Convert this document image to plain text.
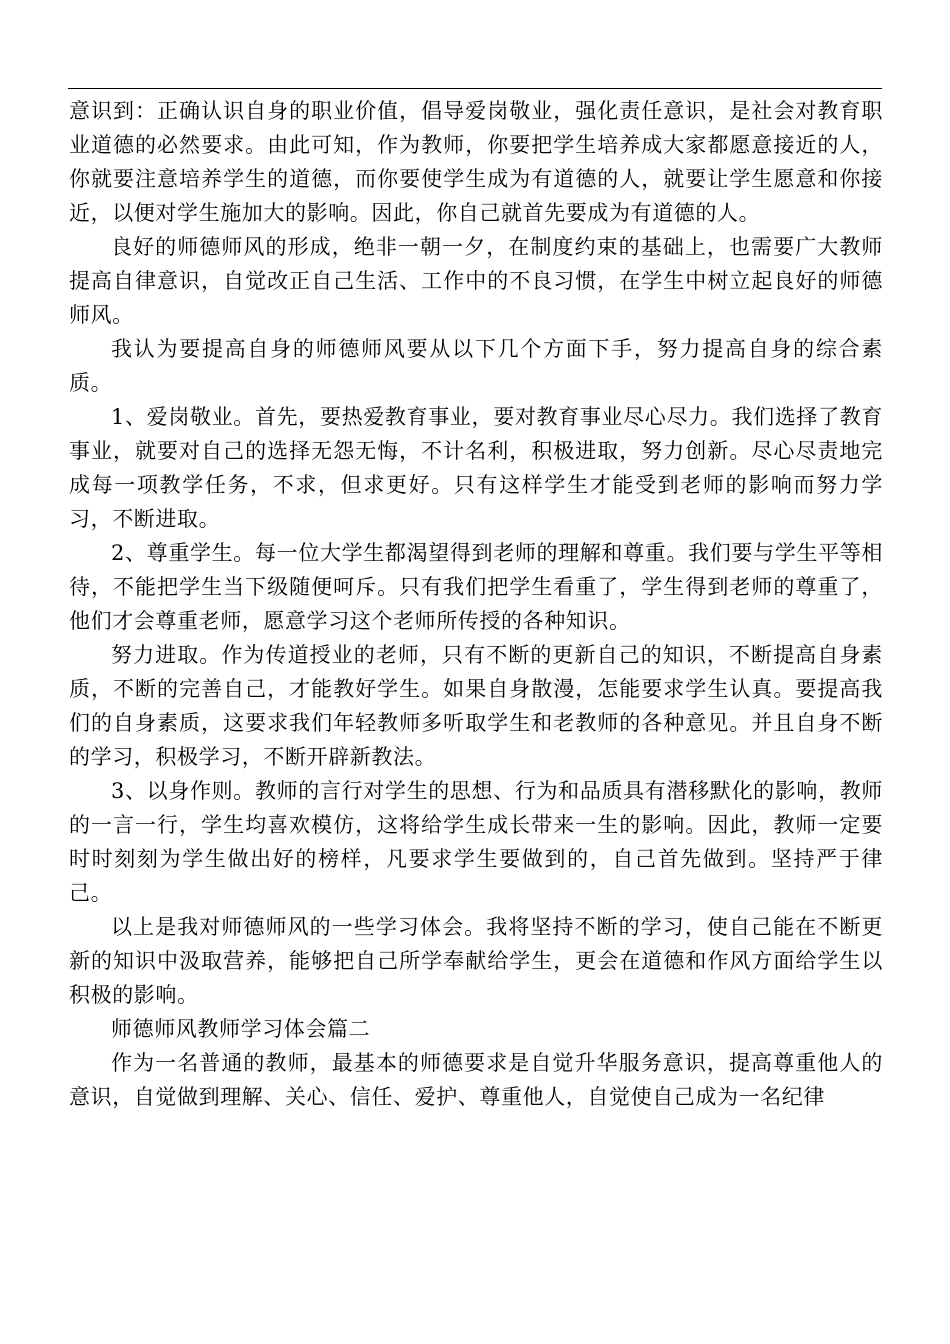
意识到：正确认识自身的职业价值，倡导爱岗敬业，强化责任意识，是社会对教育职业道德的必然要求。由此可知，作为教师，你要把学生培养成大家都愿意接近的人，你就要注意培养学生的道德，而你要使学生成为有道德的人，就要让学生愿意和你接近，以便对学生施加大的影响。因此，你自己就首先要成为有道德的人。

良好的师德师风的形成，绝非一朝一夕，在制度约束的基础上，也需要广大教师提高自律意识，自觉改正自己生活、工作中的不良习惯，在学生中树立起良好的师德师风。

我认为要提高自身的师德师风要从以下几个方面下手，努力提高自身的综合素质。

1、爱岗敬业。首先，要热爱教育事业，要对教育事业尽心尽力。我们选择了教育事业，就要对自己的选择无怨无悔，不计名利，积极进取，努力创新。尽心尽责地完成每一项教学任务，不求，但求更好。只有这样学生才能受到老师的影响而努力学习，不断进取。

2、尊重学生。每一位大学生都渴望得到老师的理解和尊重。我们要与学生平等相待，不能把学生当下级随便呵斥。只有我们把学生看重了，学生得到老师的尊重了，他们才会尊重老师，愿意学习这个老师所传授的各种知识。

努力进取。作为传道授业的老师，只有不断的更新自己的知识，不断提高自身素质，不断的完善自己，才能教好学生。如果自身散漫，怎能要求学生认真。要提高我们的自身素质，这要求我们年轻教师多听取学生和老教师的各种意见。并且自身不断的学习，积极学习，不断开辟新教法。

3、以身作则。教师的言行对学生的思想、行为和品质具有潜移默化的影响，教师的一言一行，学生均喜欢模仿，这将给学生成长带来一生的影响。因此，教师一定要时时刻刻为学生做出好的榜样，凡要求学生要做到的，自己首先做到。坚持严于律己。

以上是我对师德师风的一些学习体会。我将坚持不断的学习，使自己能在不断更新的知识中汲取营养，能够把自己所学奉献给学生，更会在道德和作风方面给学生以积极的影响。

师德师风教师学习体会篇二

作为一名普通的教师，最基本的师德要求是自觉升华服务意识，提高尊重他人的意识，自觉做到理解、关心、信任、爱护、尊重他人，自觉使自己成为一名纪律
